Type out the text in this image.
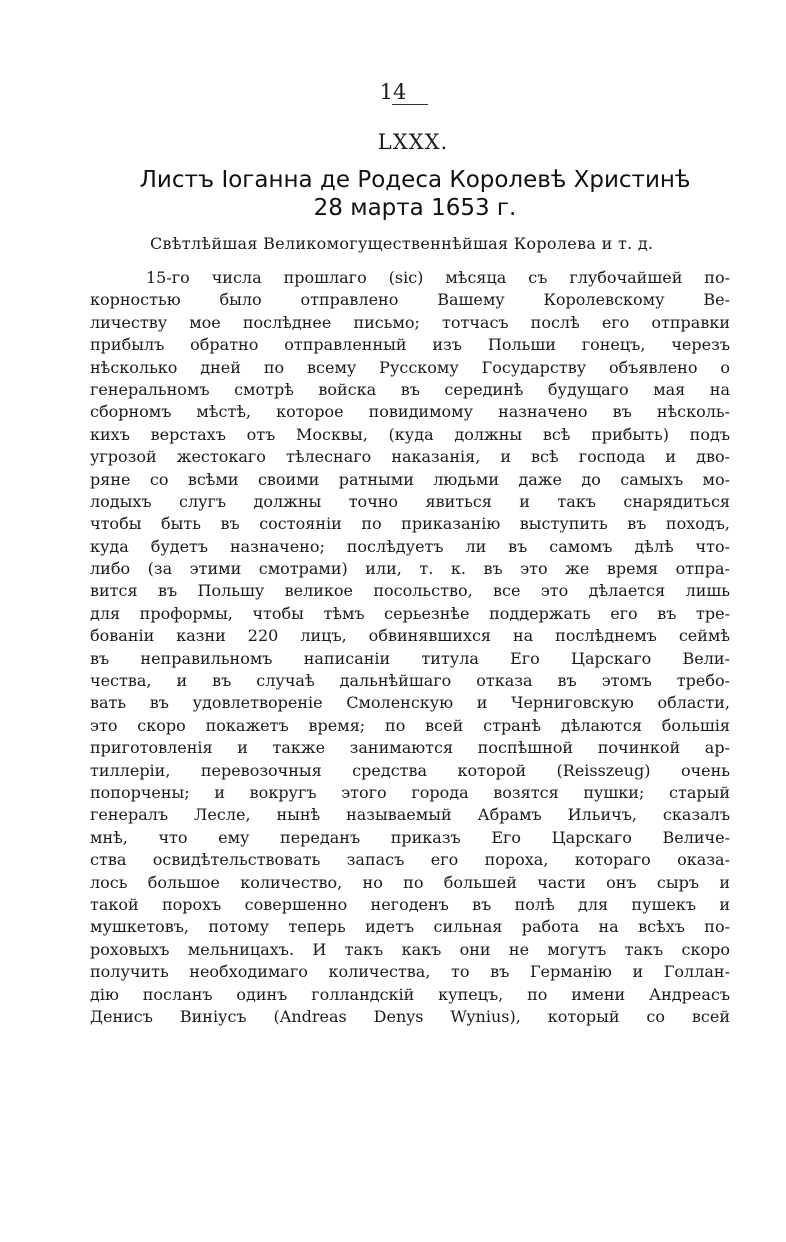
14
LXXX.
Листъ Іоганна де Родеса Королевѣ Христинѣ
28 марта 1653 г.
Свѣтлѣйшая Великомогущественнѣйшая Королева и т. д.
15-го числа прошлаго (sic) мѣсяца съ глубочайшей по-
корностью было отправлено Вашему Королевскому Ве-
личеству мое послѣднее письмо; тотчасъ послѣ его отправки
прибылъ обратно отправленный изъ Польши гонецъ, черезъ
нѣсколько дней по всему Русскому Государству объявлено о
генеральномъ смотрѣ войска въ серединѣ будущаго мая на
сборномъ мѣстѣ, которое повидимому назначено въ нѣсколь-
кихъ верстахъ отъ Москвы, (куда должны всѣ прибыть) подъ
угрозой жестокаго тѣлеснаго наказанія, и всѣ господа и дво-
ряне со всѣми своими ратными людьми даже до самыхъ мо-
лодыхъ слугъ должны точно явиться и такъ снарядиться
чтобы быть въ состояніи по приказанію выступить въ походъ,
куда будетъ назначено; послѣдуетъ ли въ самомъ дѣлѣ что-
либо (за этими смотрами) или, т. к. въ это же время отпра-
вится въ Польшу великое посольство, все это дѣлается лишь
для проформы, чтобы тѣмъ серьезнѣе поддержать его въ тре-
бованіи казни 220 лицъ, обвинявшихся на послѣднемъ сеймѣ
въ неправильномъ написаніи титула Его Царскаго Вели-
чества, и въ случаѣ дальнѣйшаго отказа въ этомъ требо-
вать въ удовлетвореніе Смоленскую и Черниговскую области,
это скоро покажетъ время; по всей странѣ дѣлаются большія
приготовленія и также занимаются поспѣшной починкой ар-
тиллеріи, перевозочныя средства которой (Reisszeug) очень
попорчены; и вокругъ этого города возятся пушки; старый
генералъ Лесле, нынѣ называемый Абрамъ Ильичъ, сказалъ
мнѣ, что ему переданъ приказъ Его Царскаго Величе-
ства освидѣтельствовать запасъ его пороха, котораго оказа-
лось большое количество, но по большей части онъ сыръ и
такой порохъ совершенно негоденъ въ полѣ для пушекъ и
мушкетовъ, потому теперь идетъ сильная работа на всѣхъ по-
роховыхъ мельницахъ. И такъ какъ они не могутъ такъ скоро
получить необходимаго количества, то въ Германію и Голлан-
дію посланъ одинъ голландскій купецъ, по имени Андреасъ
Денисъ Виніусъ (Andreas Denys Wynius), который со всей
